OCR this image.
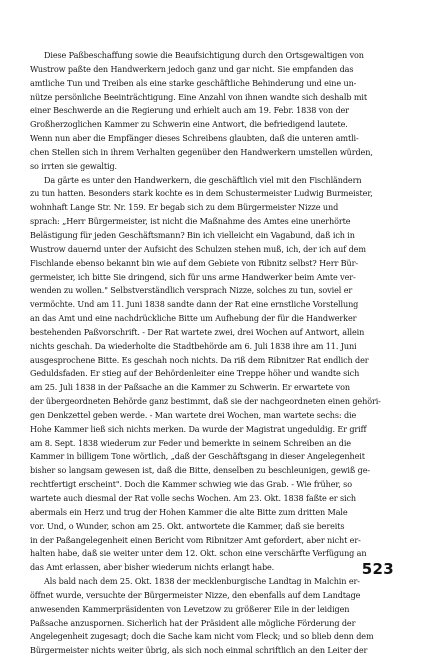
Diese Paßbeschaffung sowie die Beaufsichtigung durch den Ortsgewaltigen von
Wustrow paßte den Handwerkern jedoch ganz und gar nicht. Sie empfanden das
amtliche Tun und Treiben als eine starke geschäftliche Behinderung und eine un-
nütze persönliche Beeinträchtigung. Eine Anzahl von ihnen wandte sich deshalb mit
einer Beschwerde an die Regierung und erhielt auch am 19. Febr. 1838 von der
Großherzoglichen Kammer zu Schwerin eine Antwort, die befriedigend lautete.
Wenn nun aber die Empfänger dieses Schreibens glaubten, daß die unteren amtli-
chen Stellen sich in ihrem Verhalten gegenüber den Handwerkern umstellen würden,
so irrten sie gewaltig.
Da gärte es unter den Handwerkern, die geschäftlich viel mit den Fischländern
zu tun hatten. Besonders stark kochte es in dem Schustermeister Ludwig Burmeister,
wohnhaft Lange Str. Nr. 159. Er begab sich zu dem Bürgermeister Nizze und
sprach: „Herr Bürgermeister, ist nicht die Maßnahme des Amtes eine unerhörte
Belästigung für jeden Geschäftsmann? Bin ich vielleicht ein Vagabund, daß ich in
Wustrow dauernd unter der Aufsicht des Schulzen stehen muß, ich, der ich auf dem
Fischlande ebenso bekannt bin wie auf dem Gebiete von Ribnitz selbst? Herr Bür-
germeister, ich bitte Sie dringend, sich für uns arme Handwerker beim Amte ver-
wenden zu wollen." Selbstverständlich versprach Nizze, solches zu tun, soviel er
vermöchte. Und am 11. Juni 1838 sandte dann der Rat eine ernstliche Vorstellung
an das Amt und eine nachdrückliche Bitte um Aufhebung der für die Handwerker
bestehenden Paßvorschrift. - Der Rat wartete zwei, drei Wochen auf Antwort, allein
nichts geschah. Da wiederholte die Stadtbehörde am 6. Juli 1838 ihre am 11. Juni
ausgesprochene Bitte. Es geschah noch nichts. Da riß dem Ribnitzer Rat endlich der
Geduldsfaden. Er stieg auf der Behördenleiter eine Treppe höher und wandte sich
am 25. Juli 1838 in der Paßsache an die Kammer zu Schwerin. Er erwartete von
der übergeordneten Behörde ganz bestimmt, daß sie der nachgeordneten einen gehöri-
gen Denkzettel geben werde. - Man wartete drei Wochen, man wartete sechs: die
Hohe Kammer ließ sich nichts merken. Da wurde der Magistrat ungeduldig. Er griff
am 8. Sept. 1838 wiederum zur Feder und bemerkte in seinem Schreiben an die
Kammer in billigem Tone wörtlich, „daß der Geschäftsgang in dieser Angelegenheit
bisher so langsam gewesen ist, daß die Bitte, denselben zu beschleunigen, gewiß ge-
rechtfertigt erscheint". Doch die Kammer schwieg wie das Grab. - Wie früher, so
wartete auch diesmal der Rat volle sechs Wochen. Am 23. Okt. 1838 faßte er sich
abermals ein Herz und trug der Hohen Kammer die alte Bitte zum dritten Male
vor. Und, o Wunder, schon am 25. Okt. antwortete die Kammer, daß sie bereits
in der Paßangelegenheit einen Bericht vom Ribnitzer Amt gefordert, aber nicht er-
halten habe, daß sie weiter unter dem 12. Okt. schon eine verschärfte Verfügung an
das Amt erlassen, aber bisher wiederum nichts erlangt habe.
Als bald nach dem 25. Okt. 1838 der mecklenburgische Landtag in Malchin er-
öffnet wurde, versuchte der Bürgermeister Nizze, den ebenfalls auf dem Landtage
anwesenden Kammerpräsidenten von Levetzow zu größerer Eile in der leidigen
Paßsache anzuspornen. Sicherlich hat der Präsident alle mögliche Förderung der
Angelegenheit zugesagt; doch die Sache kam nicht vom Fleck; und so blieb denn dem
Bürgermeister nichts weiter übrig, als sich noch einmal schriftlich an den Leiter der
523
